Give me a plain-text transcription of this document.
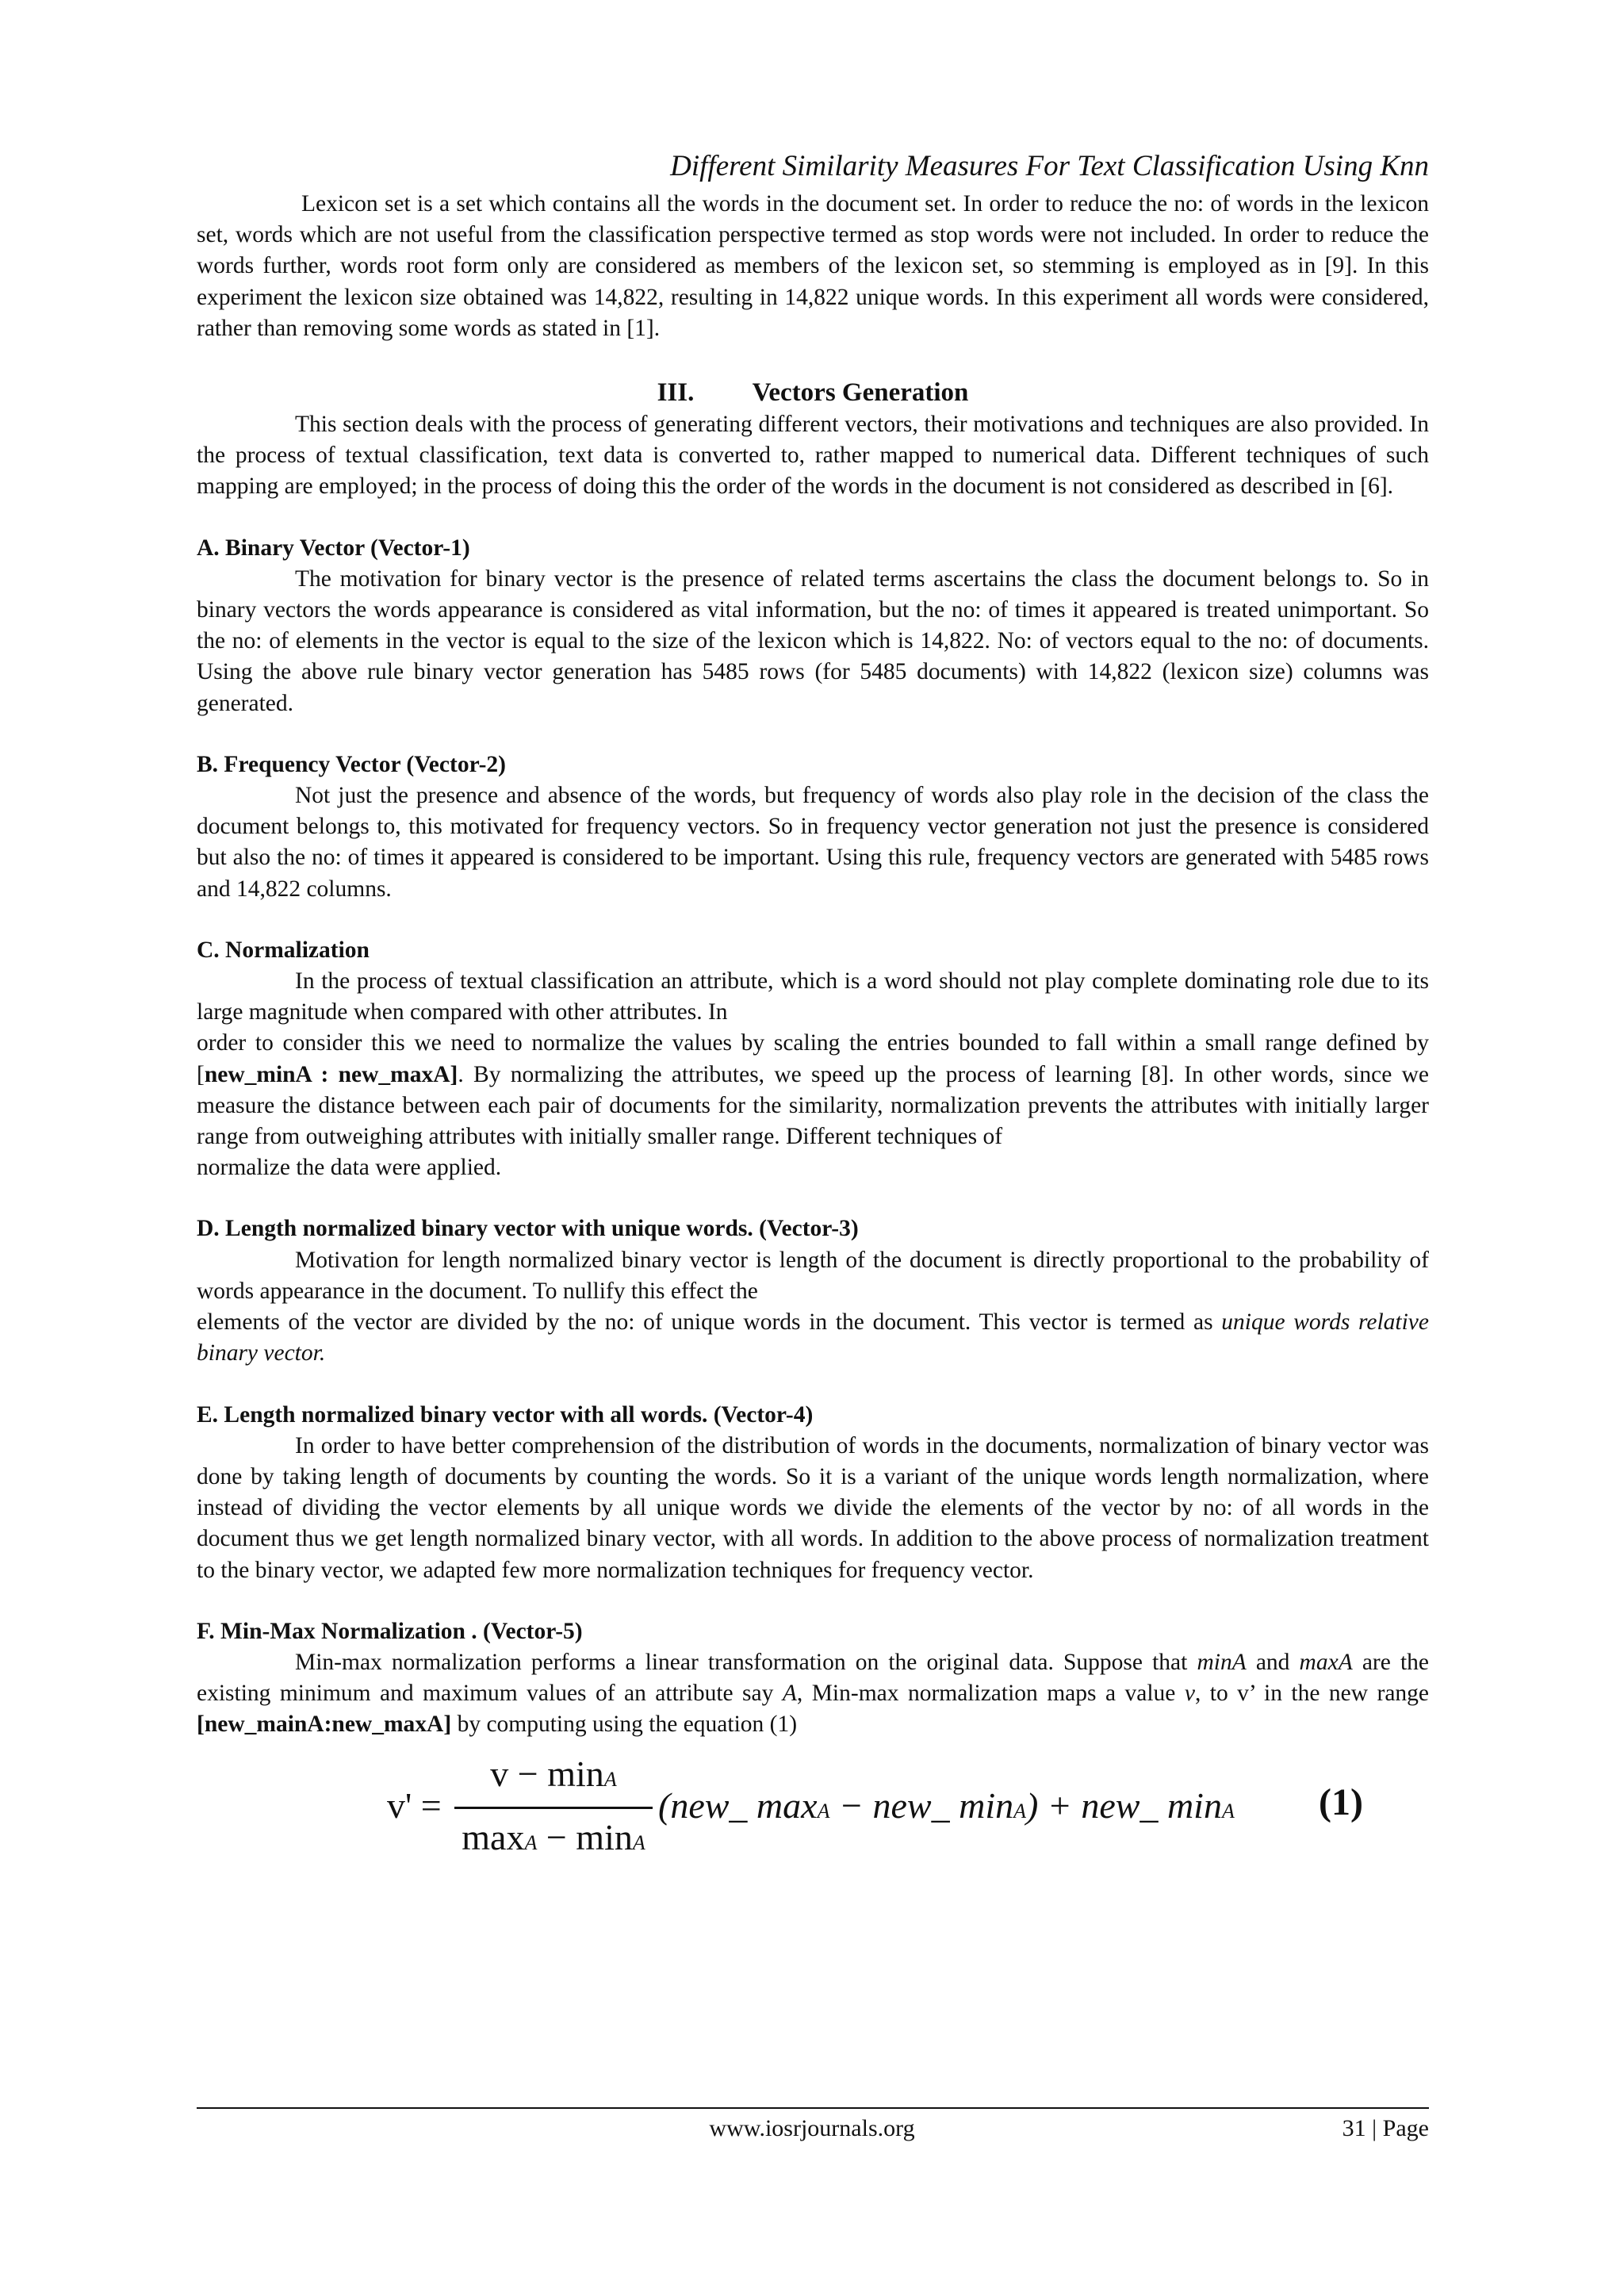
Different Similarity Measures For Text Classification Using Knn

Lexicon set is a set which contains all the words in the document set. In order to reduce the no: of words in the lexicon set, words which are not useful from the classification perspective termed as stop words were not included. In order to reduce the words further, words root form only are considered as members of the lexicon set, so stemming is employed as in [9]. In this experiment the lexicon size obtained was 14,822, resulting in 14,822 unique words. In this experiment all words were considered, rather than removing some words as stated in [1].

III. Vectors Generation

This section deals with the process of generating different vectors, their motivations and techniques are also provided. In the process of textual classification, text data is converted to, rather mapped to numerical data. Different techniques of such mapping are employed; in the process of doing this the order of the words in the document is not considered as described in [6].

A. Binary Vector (Vector-1)

The motivation for binary vector is the presence of related terms ascertains the class the document belongs to. So in binary vectors the words appearance is considered as vital information, but the no: of times it appeared is treated unimportant. So the no: of elements in the vector is equal to the size of the lexicon which is 14,822. No: of vectors equal to the no: of documents. Using the above rule binary vector generation has 5485 rows (for 5485 documents) with 14,822 (lexicon size) columns was generated.

B. Frequency Vector (Vector-2)

Not just the presence and absence of the words, but frequency of words also play role in the decision of the class the document belongs to, this motivated for frequency vectors. So in frequency vector generation not just the presence is considered but also the no: of times it appeared is considered to be important. Using this rule, frequency vectors are generated with 5485 rows and 14,822 columns.

C. Normalization

In the process of textual classification an attribute, which is a word should not play complete dominating role due to its large magnitude when compared with other attributes. In

order to consider this we need to normalize the values by scaling the entries bounded to fall within a small range defined by [new_minA : new_maxA]. By normalizing the attributes, we speed up the process of learning [8]. In other words, since we measure the distance between each pair of documents for the similarity, normalization prevents the attributes with initially larger range from outweighing attributes with initially smaller range. Different techniques of

normalize the data were applied.

D. Length normalized binary vector with unique words. (Vector-3)

Motivation for length normalized binary vector is length of the document is directly proportional to the probability of words appearance in the document. To nullify this effect the

elements of the vector are divided by the no: of unique words in the document. This vector is termed as unique words relative binary vector.

E. Length normalized binary vector with all words. (Vector-4)

In order to have better comprehension of the distribution of words in the documents, normalization of binary vector was done by taking length of documents by counting the words. So it is a variant of the unique words length normalization, where instead of dividing the vector elements by all unique words we divide the elements of the vector by no: of all words in the document thus we get length normalized binary vector, with all words. In addition to the above process of normalization treatment to the binary vector, we adapted few more normalization techniques for frequency vector.

F. Min-Max Normalization . (Vector-5)

Min-max normalization performs a linear transformation on the original data. Suppose that minA and maxA are the existing minimum and maximum values of an attribute say A, Min-max normalization maps a value v, to v’ in the new range [new_mainA:new_maxA] by computing using the equation (1)

v' =
v − minA
maxA − minA
(new_ maxA − new_ minA) + new_ minA (1)
www.iosrjournals.org	31 | Page
